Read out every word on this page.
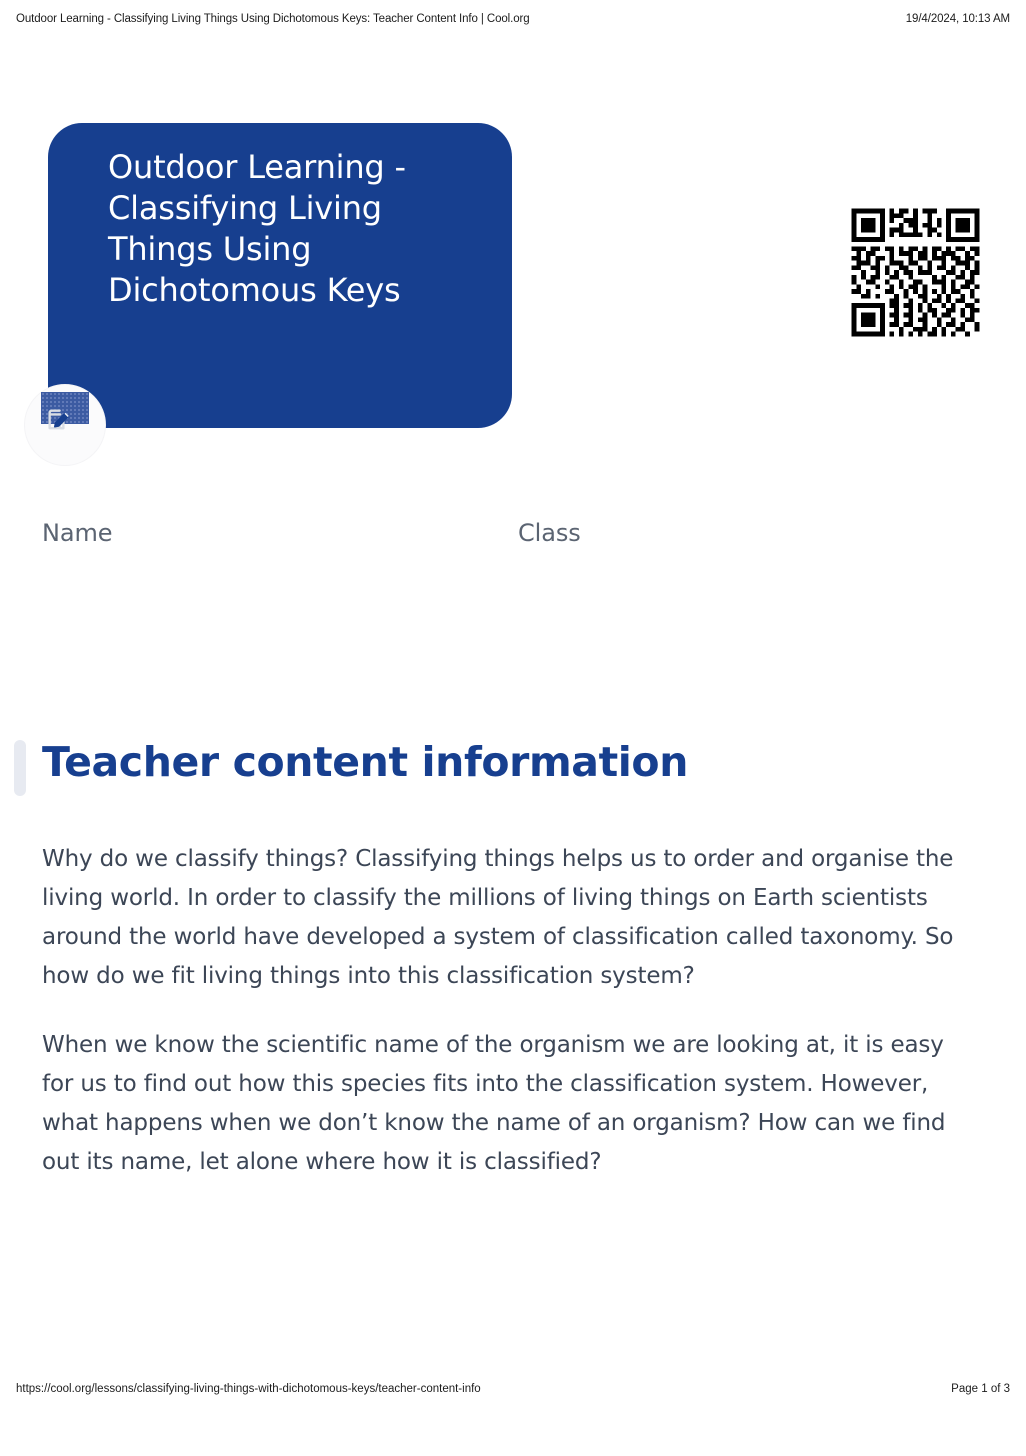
Outdoor Learning - Classifying Living Things Using Dichotomous Keys: Teacher Content Info | Cool.org	19/4/2024, 10:13 AM
Outdoor Learning - Classifying Living Things Using Dichotomous Keys
Name	Class
Teacher content information

Why do we classify things? Classifying things helps us to order and organise the living world. In order to classify the millions of living things on Earth scientists around the world have developed a system of classification called taxonomy. So how do we fit living things into this classification system?

When we know the scientific name of the organism we are looking at, it is easy for us to find out how this species fits into the classification system. However, what happens when we don’t know the name of an organism? How can we find out its name, let alone where how it is classified?

https://cool.org/lessons/classifying-living-things-with-dichotomous-keys/teacher-content-info	Page 1 of 3
